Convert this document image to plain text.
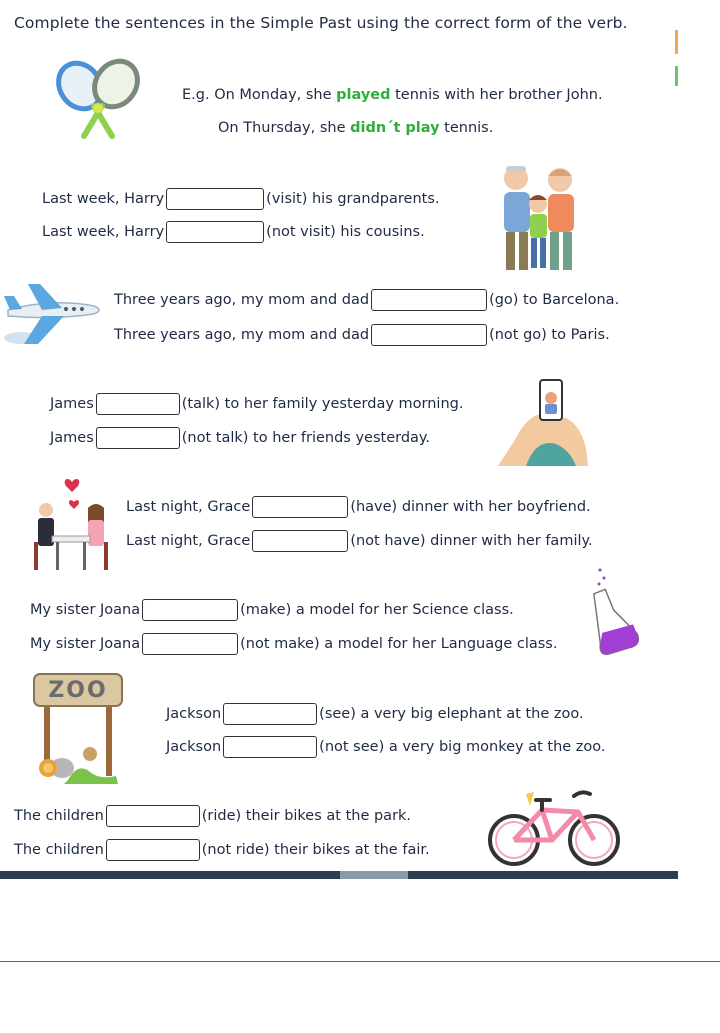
Complete the sentences in the Simple Past using the correct form of the verb.
E.g. On Monday, she played tennis with her brother John.
On Thursday, she didn´t play tennis.
Last week, Harry	(visit) his grandparents.
Last week, Harry	(not visit) his cousins.
Three years ago, my mom and dad	(go) to Barcelona.
Three years ago, my mom and dad	(not go) to Paris.
James	(talk) to her family yesterday morning.
James	(not talk) to her friends yesterday.
Last night, Grace	(have) dinner with her boyfriend.
Last night, Grace	(not have) dinner with her family.
My sister Joana	(make) a model for her Science class.
My sister Joana	(not make) a model for her Language class.
ZOO
Jackson	(see) a very big elephant at the zoo.
Jackson	(not see) a very big monkey at the zoo.
The children	(ride) their bikes at the park.
The children	(not ride) their bikes at the fair.
